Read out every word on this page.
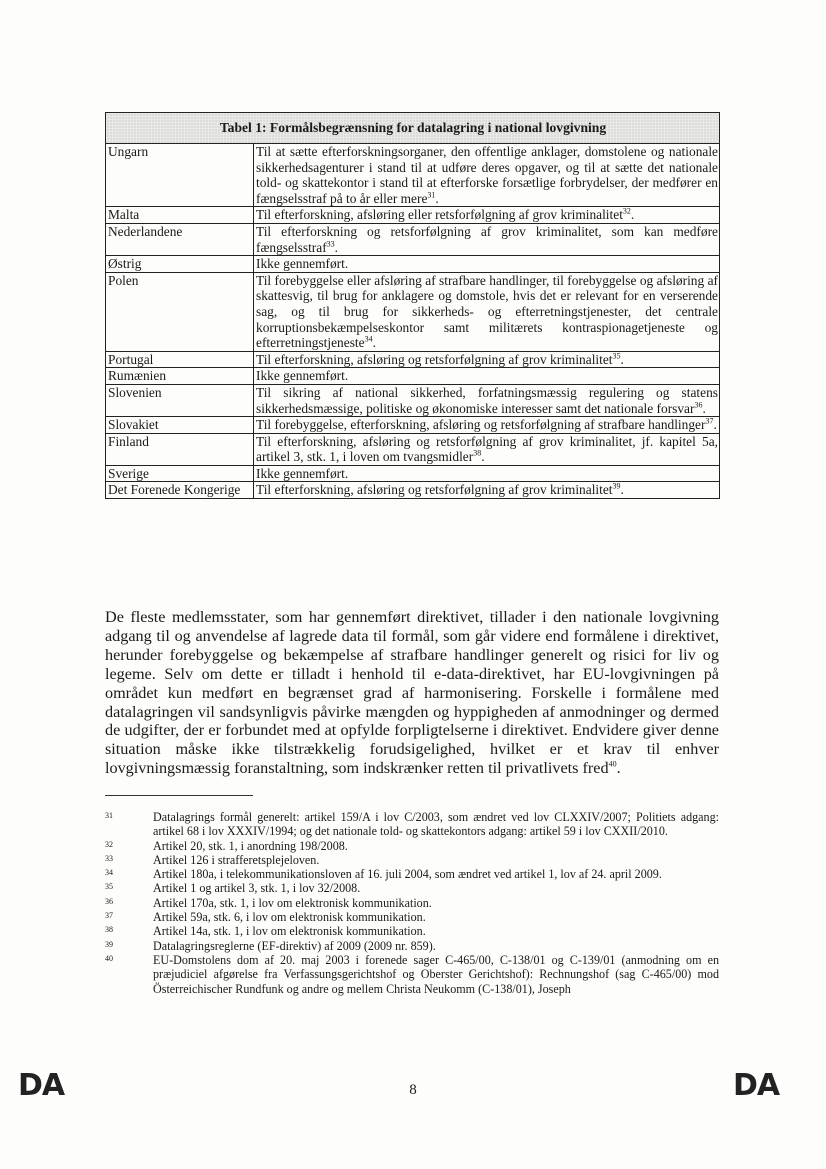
Tabel 1: Formålsbegrænsning for datalagring i national lovgivning	
Ungarn	Til at sætte efterforskningsorganer, den offentlige anklager, domstolene og nationale sikkerhedsagenturer i stand til at udføre deres opgaver, og til at sætte det nationale told- og skattekontor i stand til at efterforske forsætlige forbrydelser, der medfører en fængselsstraf på to år eller mere$^{31}$.
Malta	Til efterforskning, afsløring eller retsforfølgning af grov kriminalitet$^{32}$.
Nederlandene	Til efterforskning og retsforfølgning af grov kriminalitet, som kan medføre fængselsstraf$^{33}$.
Østrig	Ikke gennemført.
Polen	Til forebyggelse eller afsløring af strafbare handlinger, til forebyggelse og afsløring af skattesvig, til brug for anklagere og domstole, hvis det er relevant for en verserende sag, og til brug for sikkerheds- og efterretningstjenester, det centrale korruptionsbekæmpelseskontor samt militærets kontraspionagetjeneste og efterretningstjeneste$^{34}$.
Portugal	Til efterforskning, afsløring og retsforfølgning af grov kriminalitet$^{35}$.
Rumænien	Ikke gennemført.
Slovenien	Til sikring af national sikkerhed, forfatningsmæssig regulering og statens sikkerhedsmæssige, politiske og økonomiske interesser samt det nationale forsvar$^{36}$.
Slovakiet	Til forebyggelse, efterforskning, afsløring og retsforfølgning af strafbare handlinger$^{37}$.
Finland	Til efterforskning, afsløring og retsforfølgning af grov kriminalitet, jf. kapitel 5a, artikel 3, stk. 1, i loven om tvangsmidler$^{38}$.
Sverige	Ikke gennemført.
Det Forenede Kongerige	Til efterforskning, afsløring og retsforfølgning af grov kriminalitet$^{39}$.
De fleste medlemsstater, som har gennemført direktivet, tillader i den nationale lovgivning adgang til og anvendelse af lagrede data til formål, som går videre end formålene i direktivet, herunder forebyggelse og bekæmpelse af strafbare handlinger generelt og risici for liv og legeme. Selv om dette er tilladt i henhold til e-data-direktivet, har EU-lovgivningen på området kun medført en begrænset grad af harmonisering. Forskelle i formålene med datalagringen vil sandsynligvis påvirke mængden og hyppigheden af anmodninger og dermed de udgifter, der er forbundet med at opfylde forpligtelserne i direktivet. Endvidere giver denne situation måske ikke tilstrækkelig forudsigelighed, hvilket er et krav til enhver lovgivningsmæssig foranstaltning, som indskrænker retten til privatlivets fred$^{40}$.
31	Datalagrings formål generelt: artikel 159/A i lov C/2003, som ændret ved lov CLXXIV/2007; Politiets adgang: artikel 68 i lov XXXIV/1994; og det nationale told- og skattekontors adgang: artikel 59 i lov CXXII/2010.
32	Artikel 20, stk. 1, i anordning 198/2008.
33	Artikel 126 i strafferetsplejeloven.
34	Artikel 180a, i telekommunikationsloven af 16. juli 2004, som ændret ved artikel 1, lov af 24. april 2009.
35	Artikel 1 og artikel 3, stk. 1, i lov 32/2008.
36	Artikel 170a, stk. 1, i lov om elektronisk kommunikation.
37	Artikel 59a, stk. 6, i lov om elektronisk kommunikation.
38	Artikel 14a, stk. 1, i lov om elektronisk kommunikation.
39	Datalagringsreglerne (EF-direktiv) af 2009 (2009 nr. 859).
40	EU-Domstolens dom af 20. maj 2003 i forenede sager C-465/00, C-138/01 og C-139/01 (anmodning om en præjudiciel afgørelse fra Verfassungsgerichtshof og Oberster Gerichtshof): Rechnungshof (sag C-465/00) mod Österreichischer Rundfunk og andre og mellem Christa Neukomm (C-138/01), Joseph
DA	8	DA
